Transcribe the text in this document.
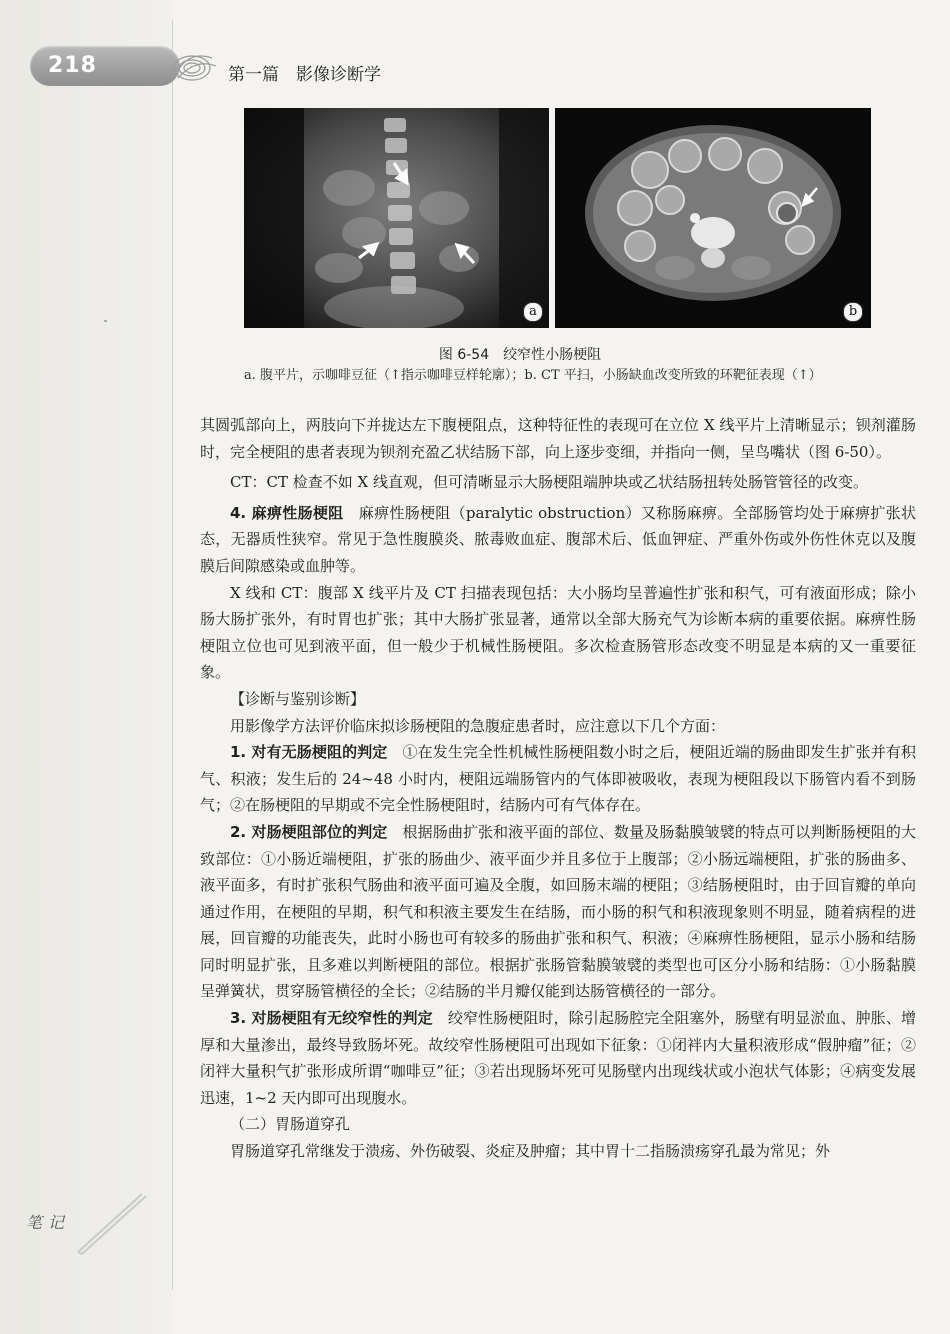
218	第一篇　影像诊断学
a	b
图 6-54　绞窄性小肠梗阻
a. 腹平片，示咖啡豆征（↑指示咖啡豆样轮廓）；b. CT 平扫，小肠缺血改变所致的环靶征表现（↑）

其圆弧部向上，两肢向下并拢达左下腹梗阻点，这种特征性的表现可在立位 X 线平片上清晰显示；钡剂灌肠时，完全梗阻的患者表现为钡剂充盈乙状结肠下部，向上逐步变细，并指向一侧，呈鸟嘴状（图 6-50）。

CT：CT 检查不如 X 线直观，但可清晰显示大肠梗阻端肿块或乙状结肠扭转处肠管管径的改变。

4. 麻痹性肠梗阻　麻痹性肠梗阻（paralytic obstruction）又称肠麻痹。全部肠管均处于麻痹扩张状态，无器质性狭窄。常见于急性腹膜炎、脓毒败血症、腹部术后、低血钾症、严重外伤或外伤性休克以及腹膜后间隙感染或血肿等。

X 线和 CT：腹部 X 线平片及 CT 扫描表现包括：大小肠均呈普遍性扩张和积气，可有液面形成；除小肠大肠扩张外，有时胃也扩张；其中大肠扩张显著，通常以全部大肠充气为诊断本病的重要依据。麻痹性肠梗阻立位也可见到液平面，但一般少于机械性肠梗阻。多次检查肠管形态改变不明显是本病的又一重要征象。

【诊断与鉴别诊断】

用影像学方法评价临床拟诊肠梗阻的急腹症患者时，应注意以下几个方面：

1. 对有无肠梗阻的判定　①在发生完全性机械性肠梗阻数小时之后，梗阻近端的肠曲即发生扩张并有积气、积液；发生后的 24~48 小时内，梗阻远端肠管内的气体即被吸收，表现为梗阻段以下肠管内看不到肠气；②在肠梗阻的早期或不完全性肠梗阻时，结肠内可有气体存在。

2. 对肠梗阻部位的判定　根据肠曲扩张和液平面的部位、数量及肠黏膜皱襞的特点可以判断肠梗阻的大致部位：①小肠近端梗阻，扩张的肠曲少、液平面少并且多位于上腹部；②小肠远端梗阻，扩张的肠曲多、液平面多，有时扩张积气肠曲和液平面可遍及全腹，如回肠末端的梗阻；③结肠梗阻时，由于回盲瓣的单向通过作用，在梗阻的早期，积气和积液主要发生在结肠，而小肠的积气和积液现象则不明显，随着病程的进展，回盲瓣的功能丧失，此时小肠也可有较多的肠曲扩张和积气、积液；④麻痹性肠梗阻，显示小肠和结肠同时明显扩张，且多难以判断梗阻的部位。根据扩张肠管黏膜皱襞的类型也可区分小肠和结肠：①小肠黏膜呈弹簧状，贯穿肠管横径的全长；②结肠的半月瓣仅能到达肠管横径的一部分。

3. 对肠梗阻有无绞窄性的判定　绞窄性肠梗阻时，除引起肠腔完全阻塞外，肠壁有明显淤血、肿胀、增厚和大量渗出，最终导致肠坏死。故绞窄性肠梗阻可出现如下征象：①闭袢内大量积液形成“假肿瘤”征；②闭袢大量积气扩张形成所谓“咖啡豆”征；③若出现肠坏死可见肠壁内出现线状或小泡状气体影；④病变发展迅速，1~2 天内即可出现腹水。

（二）胃肠道穿孔

胃肠道穿孔常继发于溃疡、外伤破裂、炎症及肿瘤；其中胃十二指肠溃疡穿孔最为常见；外

笔记
